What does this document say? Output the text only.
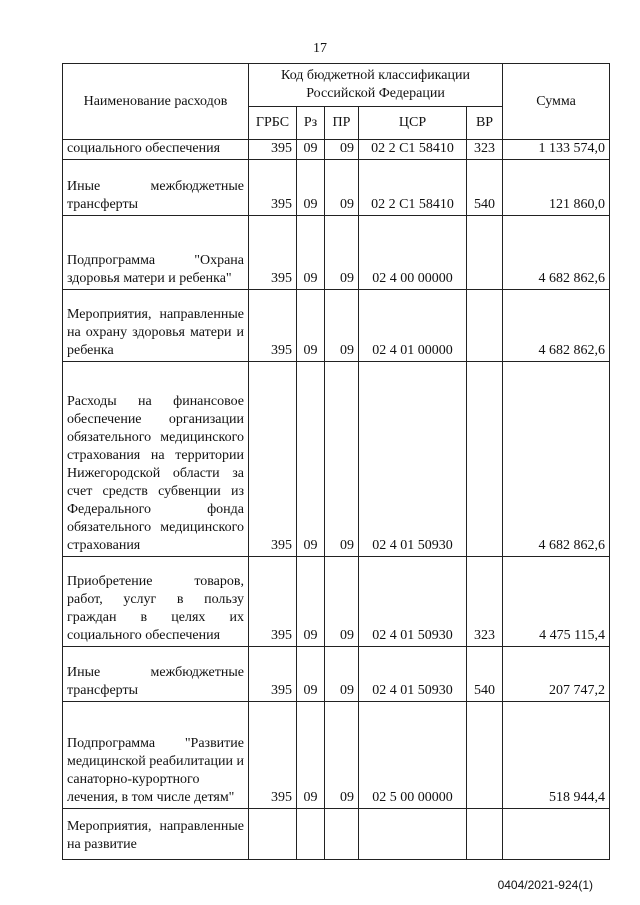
17
Наименование расходов	Код бюджетной классификации Российской Федерации					Сумма
	ГРБС	Рз	ПР	ЦСР	ВР	
социального обеспечения	395	09	09	02 2 С1 58410	323	1 133 574,0
Иные межбюджетные трансферты	395	09	09	02 2 С1 58410	540	121 860,0
Подпрограмма "Охрана здоровья матери и ребенка"	395	09	09	02 4 00 00000		4 682 862,6
Мероприятия, направленные на охрану здоровья матери и ребенка	395	09	09	02 4 01 00000		4 682 862,6
Расходы на финансовое обеспечение организации обязательного медицинского страхования на территории Нижегородской области за счет средств субвенции из Федерального фонда обязательного медицинского страхования	395	09	09	02 4 01 50930		4 682 862,6
Приобретение товаров, работ, услуг в пользу граждан в целях их социального обеспечения	395	09	09	02 4 01 50930	323	4 475 115,4
Иные межбюджетные трансферты	395	09	09	02 4 01 50930	540	207 747,2
Подпрограмма "Развитие медицинской реабилитации и санаторно-курортного лечения, в том числе детям"	395	09	09	02 5 00 00000		518 944,4
Мероприятия, направленные на развитие						
0404/2021-924(1)
